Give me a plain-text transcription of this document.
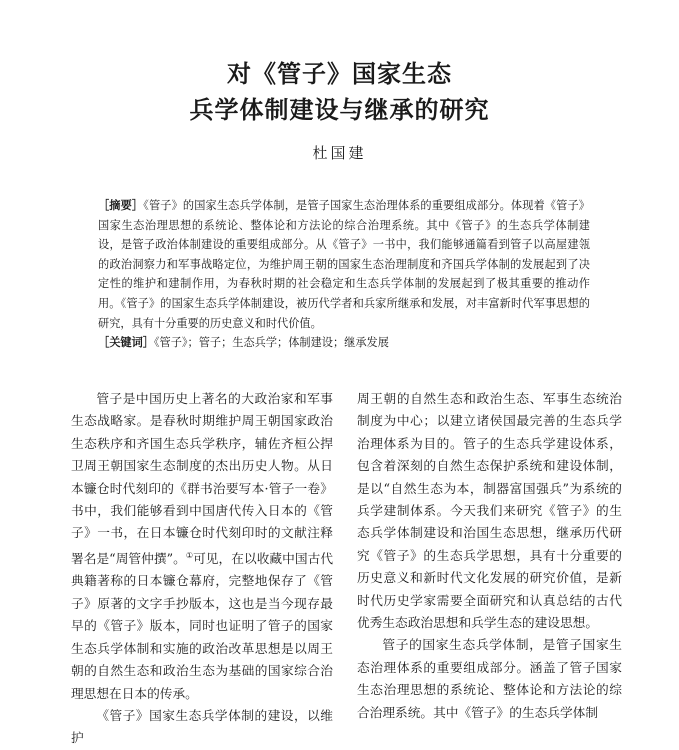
对《管子》国家生态
兵学体制建设与继承的研究
杜国建
［摘要］《管子》的国家生态兵学体制，是管子国家生态治理体系的重要组成部分。体现着《管子》国家生态治理思想的系统论、整体论和方法论的综合治理系统。其中《管子》的生态兵学体制建设，是管子政治体制建设的重要组成部分。从《管子》一书中，我们能够通篇看到管子以高屋建瓴的政治洞察力和军事战略定位，为维护周王朝的国家生态治理制度和齐国兵学体制的发展起到了决定性的维护和建制作用，为春秋时期的社会稳定和生态兵学体制的发展起到了极其重要的推动作用。《管子》的国家生态兵学体制建设，被历代学者和兵家所继承和发展，对丰富新时代军事思想的研究，具有十分重要的历史意义和时代价值。
［关键词］《管子》；管子；生态兵学；体制建设；继承发展

管子是中国历史上著名的大政治家和军事生态战略家。是春秋时期维护周王朝国家政治生态秩序和齐国生态兵学秩序，辅佐齐桓公捍卫周王朝国家生态制度的杰出历史人物。从日本镰仓时代刻印的《群书治要写本·管子一卷》书中，我们能够看到中国唐代传入日本的《管子》一书，在日本镰仓时代刻印时的文献注释署名是“周管仲撰”。①可见，在以收藏中国古代典籍著称的日本镰仓幕府，完整地保存了《管子》原著的文字手抄版本，这也是当今现存最早的《管子》版本，同时也证明了管子的国家生态兵学体制和实施的政治改革思想是以周王朝的自然生态和政治生态为基础的国家综合治理思想在日本的传承。

《管子》国家生态兵学体制的建设，以维护

周王朝的自然生态和政治生态、军事生态统治制度为中心；以建立诸侯国最完善的生态兵学治理体系为目的。管子的生态兵学建设体系，包含着深刻的自然生态保护系统和建设体制，是以“自然生态为本，制器富国强兵”为系统的兵学建制体系。今天我们来研究《管子》的生态兵学体制建设和治国生态思想，继承历代研究《管子》的生态兵学思想，具有十分重要的历史意义和新时代文化发展的研究价值，是新时代历史学家需要全面研究和认真总结的古代优秀生态政治思想和兵学生态的建设思想。

管子的国家生态兵学体制，是管子国家生态治理体系的重要组成部分。涵盖了管子国家生态治理思想的系统论、整体论和方法论的综合治理系统。其中《管子》的生态兵学体制
